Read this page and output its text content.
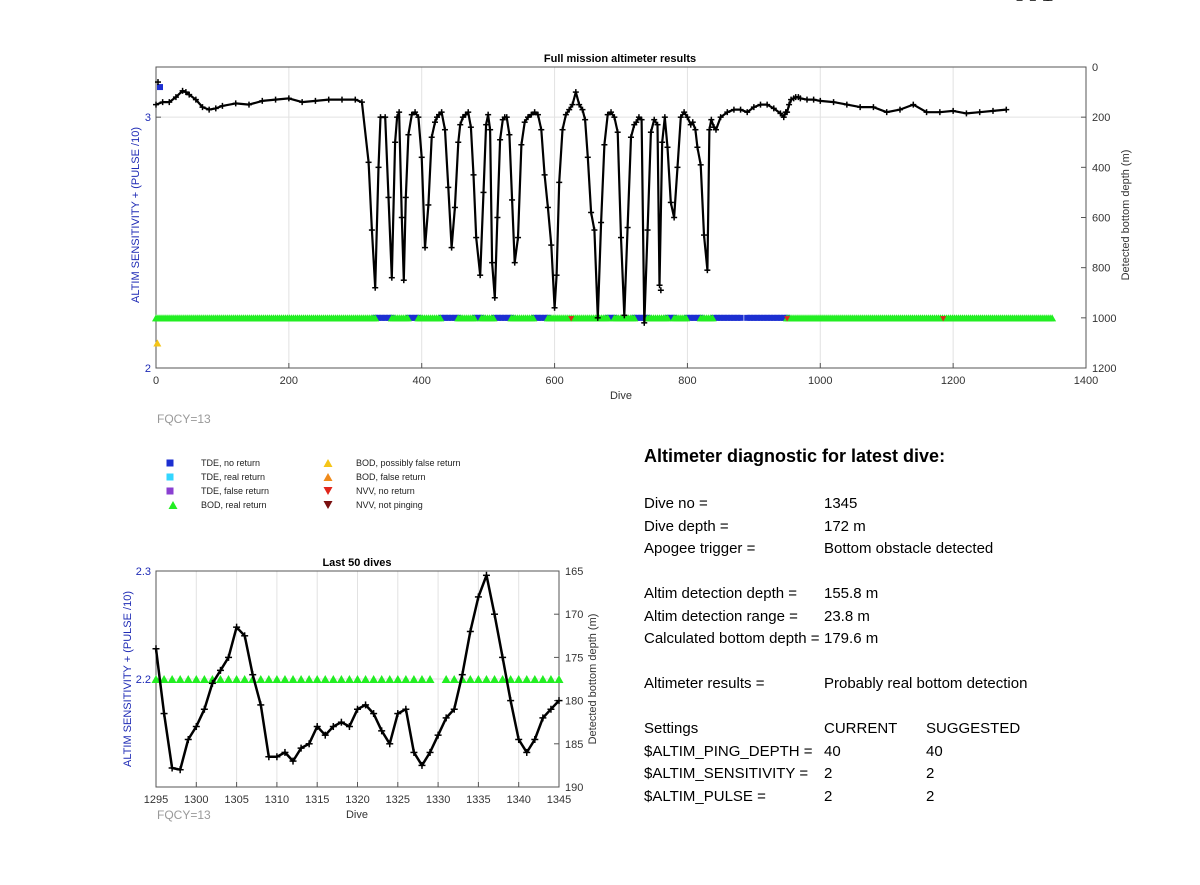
Full mission altimeter results
0	200	400	600	800	1000	1200	1400
2
3
0
200
400
600
800
1000
1200
Dive
ALTIM SENSITIVITY + (PULSE /10)	Detected bottom depth (m)
FQCY=13
TDE, no return
TDE, real return
TDE, false return
BOD, real return
BOD, possibly false return
BOD, false return
NVV, no return
NVV, not pinging
Last 50 dives
1295 1300 1305 1310 1315 1320 1325 1330 1335 1340 1345
2.2
2.3	165
170
175
180
185
190
Dive
ALTIM SENSITIVITY + (PULSE /10)	Detected bottom depth (m)
FQCY=13
Altimeter diagnostic for latest dive:
Dive no =	1345
Dive depth =	172 m
Apogee trigger =	Bottom obstacle detected
Altim detection depth = 155.8 m
Altim detection range = 23.8 m
Calculated bottom depth = 179.6 m
Altimeter results =	Probably real bottom detection
Settings	CURRENT SUGGESTED
$ALTIM_PING_DEPTH = 40	40
$ALTIM_SENSITIVITY = 2	2
$ALTIM_PULSE =	2	2
